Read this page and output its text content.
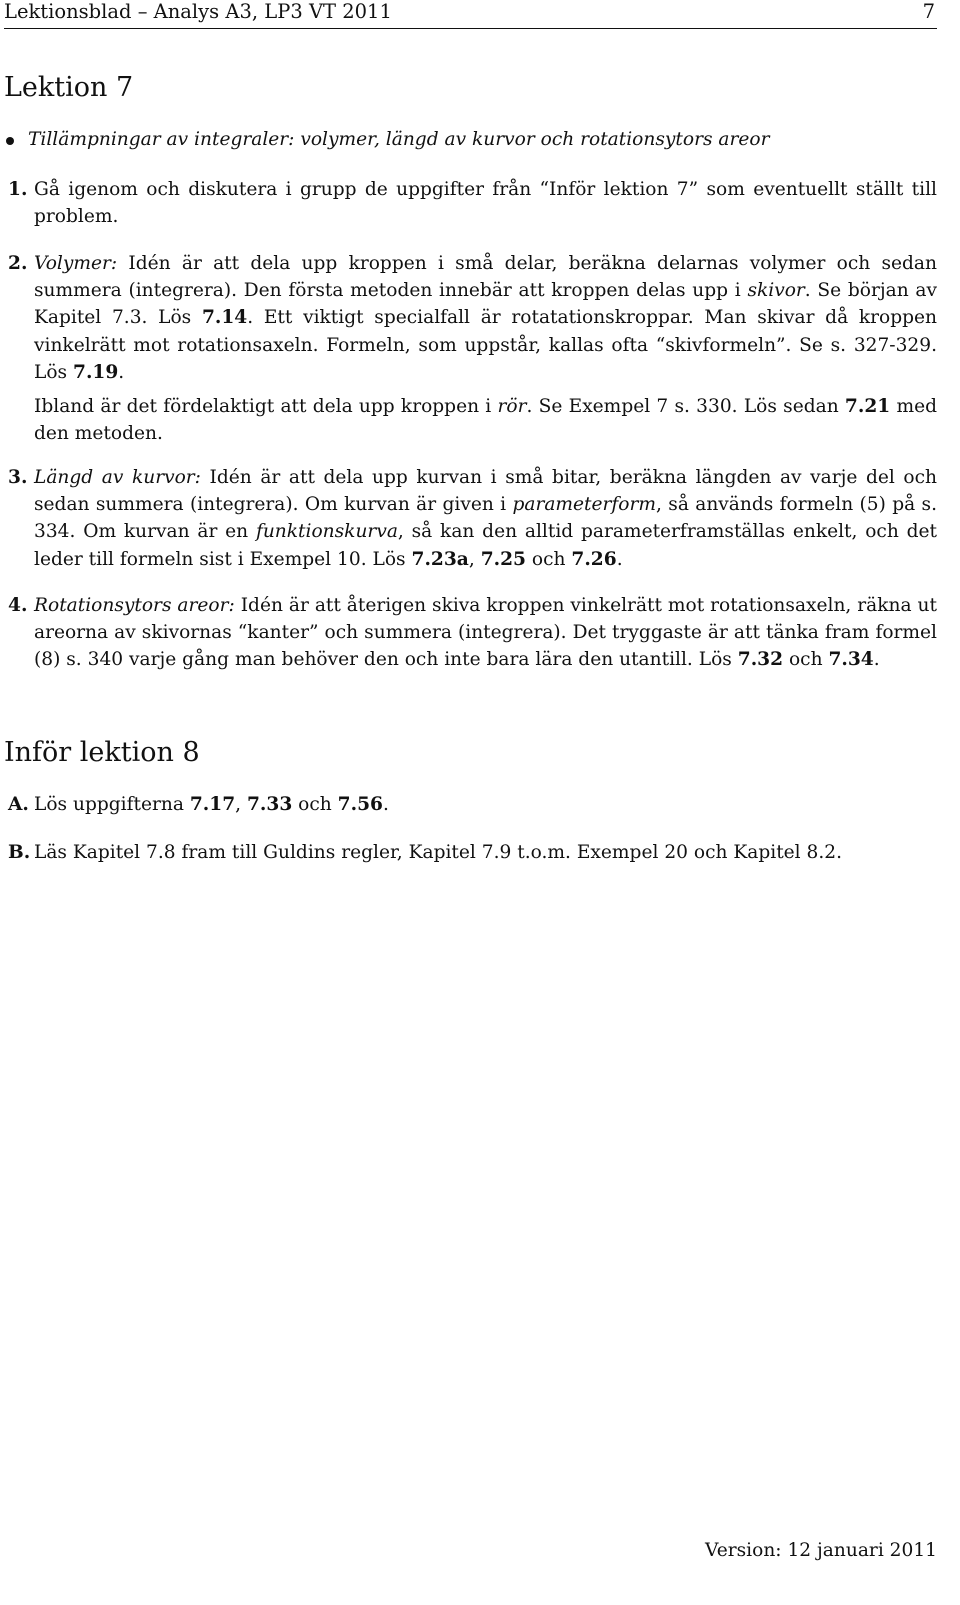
Lektionsblad – Analys A3, LP3 VT 2011	7
Lektion 7
Tillämpningar av integraler: volymer, längd av kurvor och rotationsytors areor
1. Gå igenom och diskutera i grupp de uppgifter från “Inför lektion 7” som eventuellt ställt till problem.
2. Volymer: Idén är att dela upp kroppen i små delar, beräkna delarnas volymer och sedan summera (integrera). Den första metoden innebär att kroppen delas upp i skivor. Se början av Kapitel 7.3. Lös 7.14. Ett viktigt specialfall är rotatationskroppar. Man skivar då kroppen vinkelrätt mot rotationsaxeln. Formeln, som uppstår, kallas ofta “skivformeln”. Se s. 327-329. Lös 7.19.

Ibland är det fördelaktigt att dela upp kroppen i rör. Se Exempel 7 s. 330. Lös sedan 7.21 med den metoden.

3. Längd av kurvor: Idén är att dela upp kurvan i små bitar, beräkna längden av varje del och sedan summera (integrera). Om kurvan är given i parameterform, så används formeln (5) på s. 334. Om kurvan är en funktionskurva, så kan den alltid parameterframställas enkelt, och det leder till formeln sist i Exempel 10. Lös 7.23a, 7.25 och 7.26.

4. Rotationsytors areor: Idén är att återigen skiva kroppen vinkelrätt mot rotationsaxeln, räkna ut areorna av skivornas “kanter” och summera (integrera). Det tryggaste är att tänka fram formel (8) s. 340 varje gång man behöver den och inte bara lära den utantill. Lös 7.32 och 7.34.

Inför lektion 8
A. Lös uppgifterna 7.17, 7.33 och 7.56.
B. Läs Kapitel 7.8 fram till Guldins regler, Kapitel 7.9 t.o.m. Exempel 20 och Kapitel 8.2.
Version: 12 januari 2011
